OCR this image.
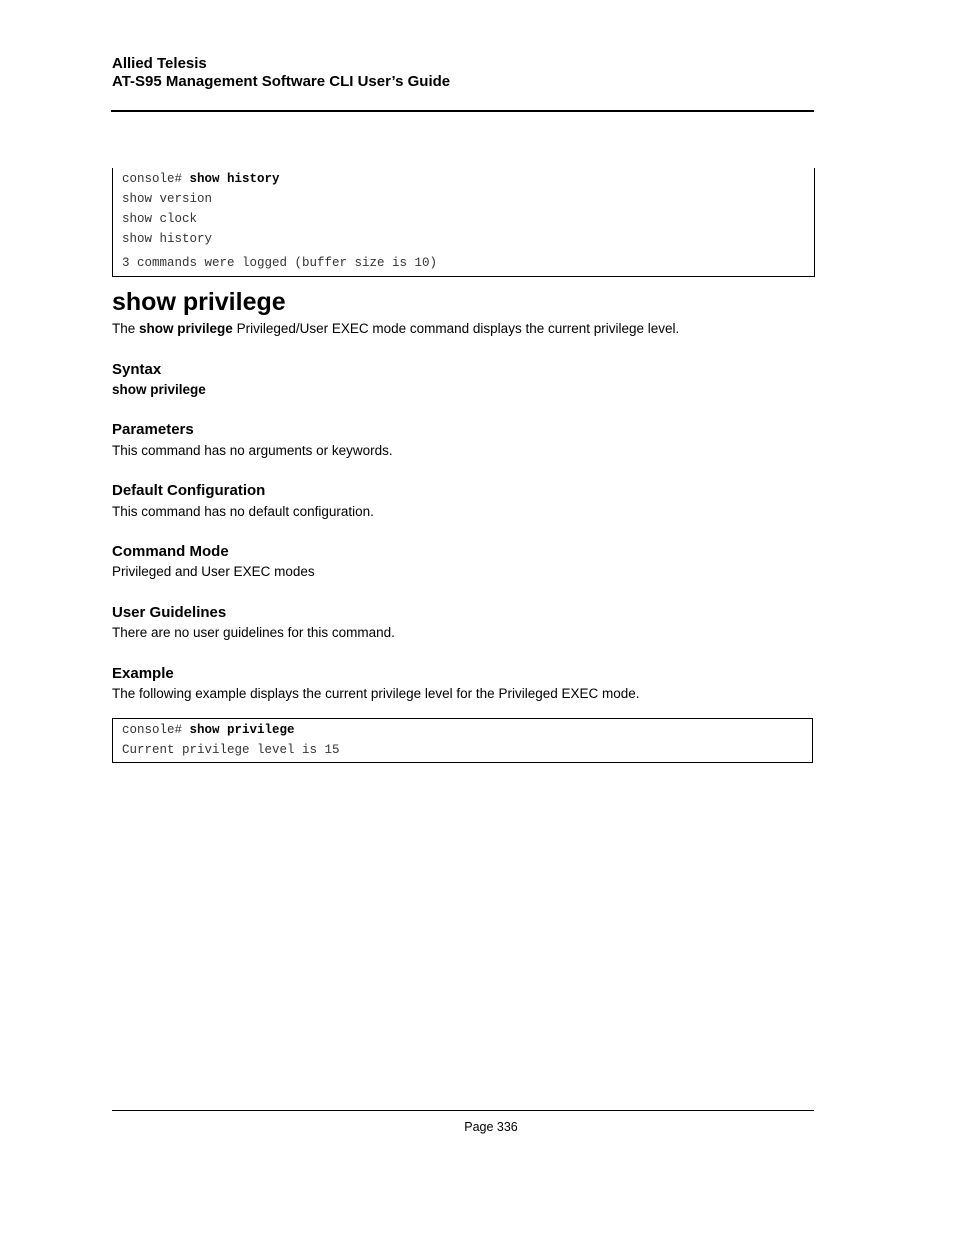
Allied Telesis
AT-S95 Management Software CLI User’s Guide
console# show history
show version
show clock
show history
3 commands were logged (buffer size is 10)
show privilege
The show privilege Privileged/User EXEC mode command displays the current privilege level.
Syntax
show privilege
Parameters
This command has no arguments or keywords.
Default Configuration
This command has no default configuration.
Command Mode
Privileged and User EXEC modes
User Guidelines
There are no user guidelines for this command.
Example
The following example displays the current privilege level for the Privileged EXEC mode.
console# show privilege
Current privilege level is 15
Page 336
